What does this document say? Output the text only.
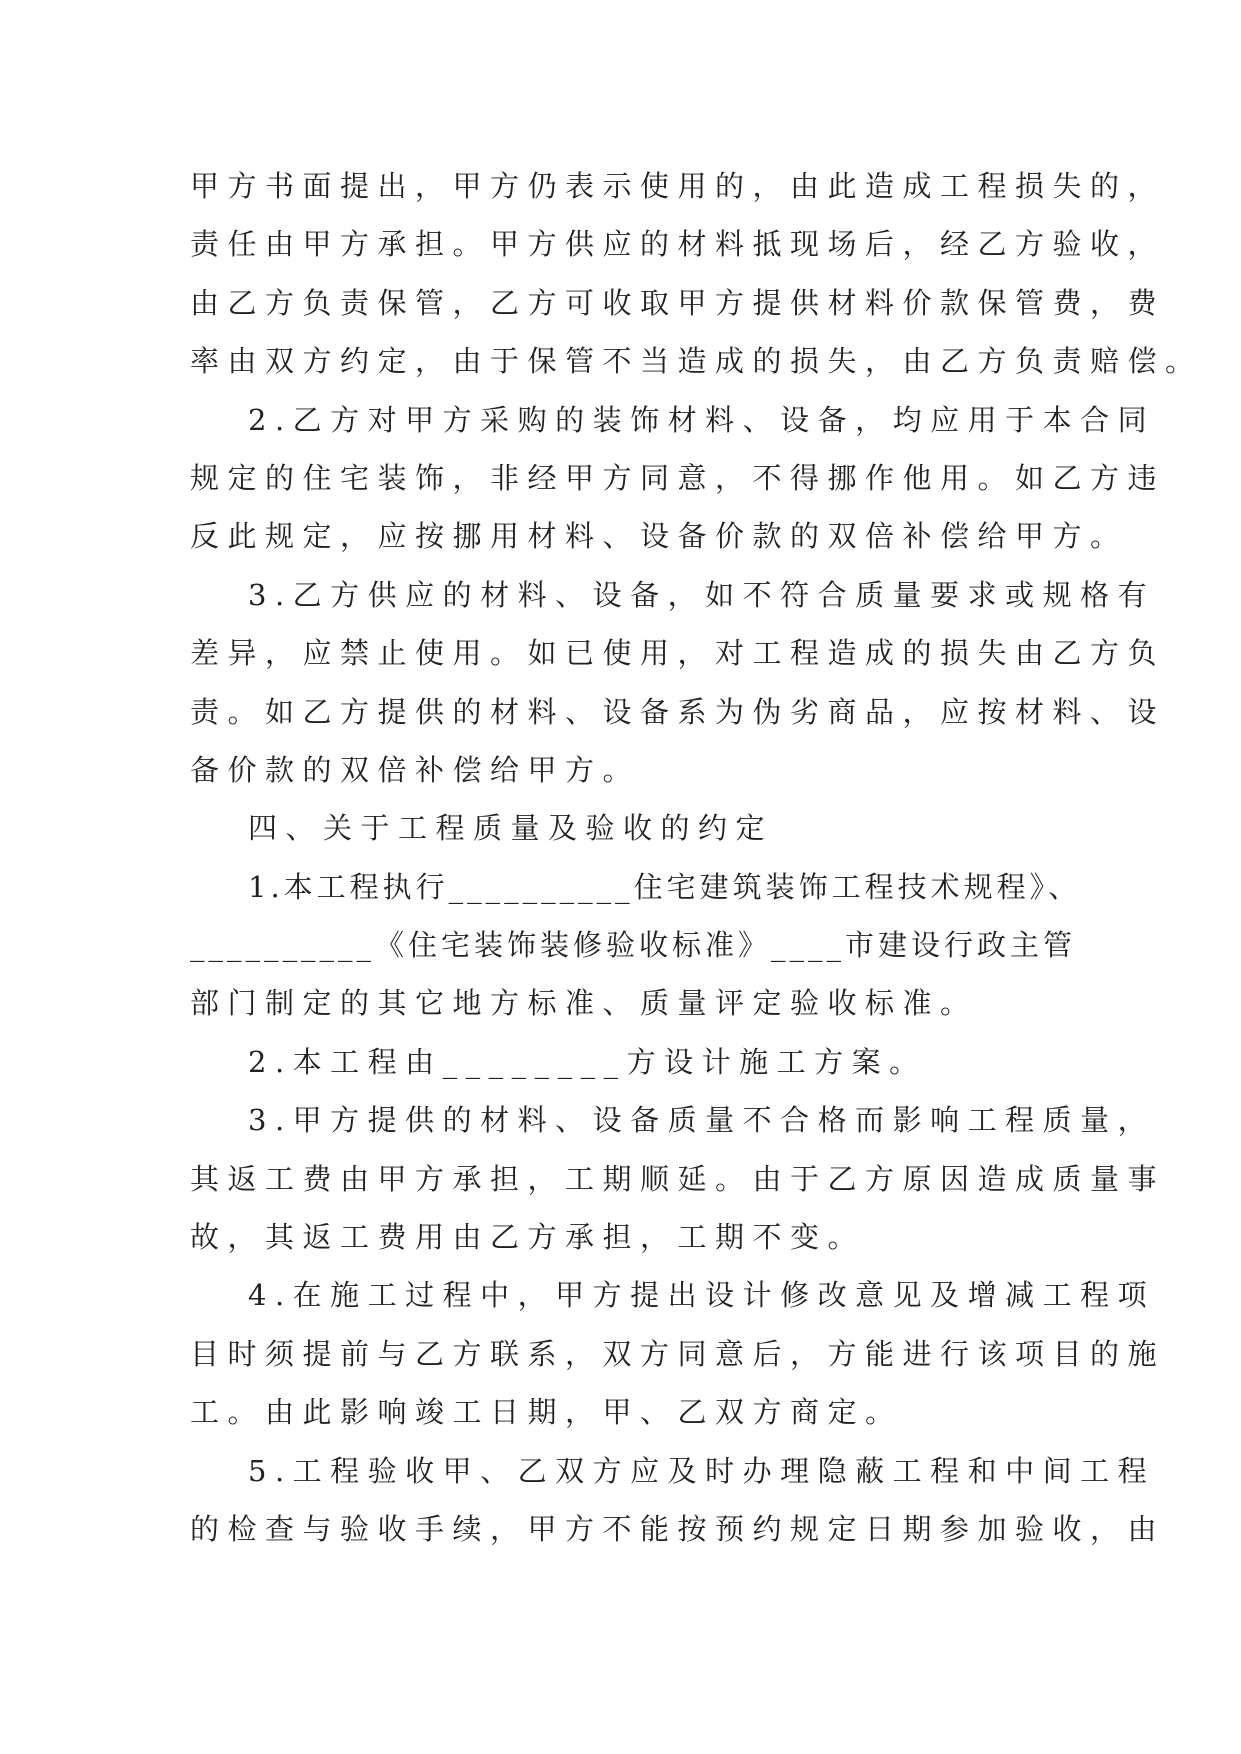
甲方书面提出，甲方仍表示使用的，由此造成工程损失的，
责任由甲方承担。甲方供应的材料抵现场后，经乙方验收，
由乙方负责保管，乙方可收取甲方提供材料价款保管费，费
率由双方约定，由于保管不当造成的损失，由乙方负责赔偿。
2.乙方对甲方采购的装饰材料、设备，均应用于本合同
规定的住宅装饰，非经甲方同意，不得挪作他用。如乙方违
反此规定，应按挪用材料、设备价款的双倍补偿给甲方。
3.乙方供应的材料、设备，如不符合质量要求或规格有
差异，应禁止使用。如已使用，对工程造成的损失由乙方负
责。如乙方提供的材料、设备系为伪劣商品，应按材料、设
备价款的双倍补偿给甲方。
四、关于工程质量及验收的约定
1.本工程执行__________住宅建筑装饰工程技术规程》、
__________《住宅装饰装修验收标准》____市建设行政主管
部门制定的其它地方标准、质量评定验收标准。
2.本工程由________方设计施工方案。
3.甲方提供的材料、设备质量不合格而影响工程质量，
其返工费由甲方承担，工期顺延。由于乙方原因造成质量事
故，其返工费用由乙方承担，工期不变。
4.在施工过程中，甲方提出设计修改意见及增减工程项
目时须提前与乙方联系，双方同意后，方能进行该项目的施
工。由此影响竣工日期，甲、乙双方商定。
5.工程验收甲、乙双方应及时办理隐蔽工程和中间工程
的检查与验收手续，甲方不能按预约规定日期参加验收，由
